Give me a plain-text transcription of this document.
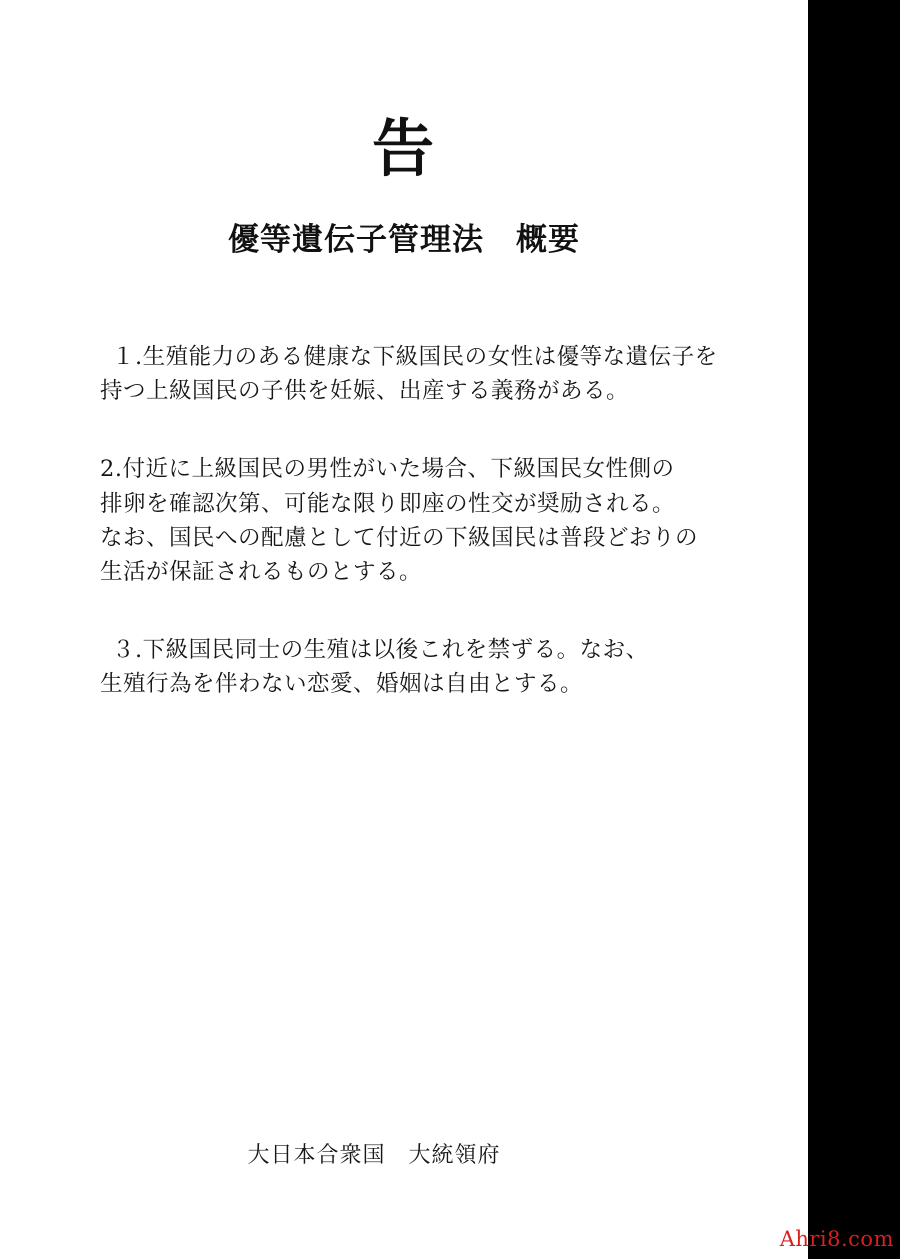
告
優等遺伝子管理法　概要
１.生殖能力のある健康な下級国民の女性は優等な遺伝子を
持つ上級国民の子供を妊娠、出産する義務がある。
2.付近に上級国民の男性がいた場合、下級国民女性側の
排卵を確認次第、可能な限り即座の性交が奨励される。
なお、国民への配慮として付近の下級国民は普段どおりの
生活が保証されるものとする。
３.下級国民同士の生殖は以後これを禁ずる。なお、
生殖行為を伴わない恋愛、婚姻は自由とする。
大日本合衆国　大統領府
Ahri8.com
